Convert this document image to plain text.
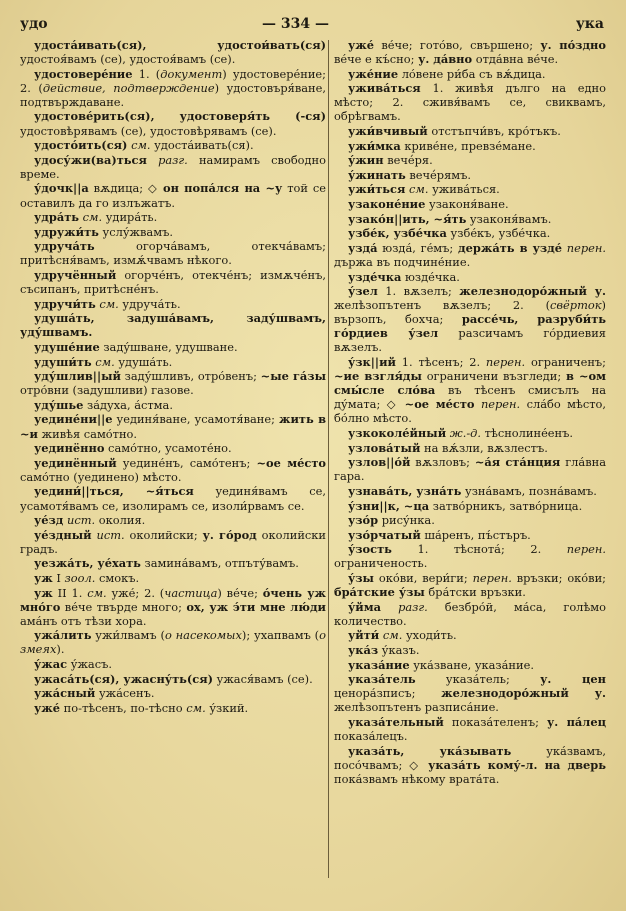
удо	— 334 —	ука
удоста́ивать(ся), удостои́вать(ся) удостоя́вамъ (се), удостоя́вамъ (се).
удостовере́ние 1. (документ) удостовере́ние; 2. (действие, подтверждение) удостовъря́ване, подтвърждаване.
удостове́рить(ся), удостоверя́ть (-ся) удостовѣрявамъ (се), удостовѣрявамъ (се).
удосто́ить(ся) см. удоста́ивать(ся).
удосу́жи(ва)ться разг. намирамъ свободно време.
у́дочк||а вѫдица; ◇ он попа́лся на ~у той се оставилъ да го излъжатъ.
удра́ть см. удира́ть.
удружи́ть услу́жвамъ.
удруча́ть огорча́вамъ, отекча́вамъ; притѣсня́вамъ, измѫ́чвамъ нѣкого.
удручённый огорче́нъ, отекче́нъ; измѫче́нъ, съсипанъ, притѣсне́нъ.
удручи́ть см. удруча́ть.
удуша́ть, задуша́вамъ, заду́швамъ, уду́швамъ.
удуше́ние заду́шване, удушване.
удуши́ть см. удуша́ть.
уду́шлив||ый заду́шливъ, отро́венъ; ~ые га́зы отро́вни (задушливи) газове.
уду́шье за́духа, а́стма.
уедине́ни||е уединя́ване, усамотя́ване; жить в ~и живѣя само́тно.
уединённо само́тно, усамоте́но.
уединённый уедине́нъ, само́тенъ; ~ое ме́сто само́тно (уединено) мѣсто.
уедини́||ться, ~я́ться уединя́вамъ се, усамотя́вамъ се, изолирамъ се, изоли́рвамъ се.
уе́зд ист. околия.
уе́здный ист. околийски; у. го́род околийски градъ.
уезжа́ть, уе́хать замина́вамъ, отпъту́вамъ.
уж I зоол. смокъ.
уж II 1. см. уже́; 2. (частица) ве́че; о́чень уж мно́го ве́че твърде много; ох, уж э́ти мне лю́ди ама́нъ отъ тѣзи хора.
ужа́лить ужи́лвамъ (о насекомых); ухапвамъ (о змеях).
у́жас у́жасъ.
ужаса́ть(ся), ужасну́ть(ся) ужася́вамъ (се).
ужа́сный ужа́сенъ.
уже́ по-тѣсенъ, по-тѣсно см. у́зкий.
уже́ ве́че; гото́во, свършено; у. по́здно ве́че е къ́сно; у. да́вно отда́вна ве́че.
уже́ние ло́вене ри́ба съ вѫ́дица.
ужива́ться 1. живѣя дълго на едно мѣсто; 2. сживя́вамъ се, свиквамъ, обрѣгвамъ.
ужи́вчивый отстъпчи́въ, кро́тъкъ.
ужи́мка криве́не, превзе́мане.
у́жин вечéря.
у́жинать вечéрямъ.
ужи́ться см. ужива́ться.
узаконе́ние узаконя́ване.
узако́н||ить, ~я́ть узаконя́вамъ.
узбе́к, узбе́чка узбе́къ, узбе́чка.
узда́ юзда́, ге́мъ; держа́ть в узде́ перен. държа въ подчине́ние.
узде́чка юзде́чка.
у́зел 1. вѫзелъ; железнодоро́жный у. желѣзопътенъ вѫзелъ; 2. (свёрток) вързопъ, бохча; рассе́чь, разруби́ть го́рдиев у́зел разсичамъ го́рдиевия вѫзелъ.
у́зк||ий 1. тѣсенъ; 2. перен. ограниченъ; ~ие взгля́ды ограничени възгледи; в ~ом смы́сле сло́ва въ тѣсенъ смисълъ на ду́мата; ◇ ~ое ме́сто перен. сла́бо мѣсто, бо́лно мѣсто.
узкоколе́йный ж.-д. тѣснолине́енъ.
узлова́тый на вѫ́зли, вѫзлестъ.
узлов||о́й вѫзловъ; ~а́я ста́нция гла́вна гара.
узнава́ть, узна́ть узна́вамъ, позна́вамъ.
у́зни||к, ~ца затво́рникъ, затво́рница.
узо́р рису́нка.
узо́рчатый ша́ренъ, пъ́стъръ.
у́зость 1. тѣснота́; 2. перен. ограниченость.
у́зы око́ви, вери́ги; перен. връзки; око́ви; бра́тские у́зы бра́тски връзки.
у́йма разг. безбро́й, ма́са, голѣмо количество.
уйти́ см. уходи́ть.
ука́з у́казъ.
указа́ние ука́зване, указа́ние.
указа́тель указа́тель; у. цен ценора́зписъ; железнодоро́жный у. желѣзопътенъ разписа́ние.
указа́тельный показа́теленъ; у. па́лец показа́лецъ.
указа́ть, ука́зывать ука́звамъ, посо́чвамъ; ◇ указа́ть кому́-л. на дверь пока́звамъ нѣкому врата́та.
